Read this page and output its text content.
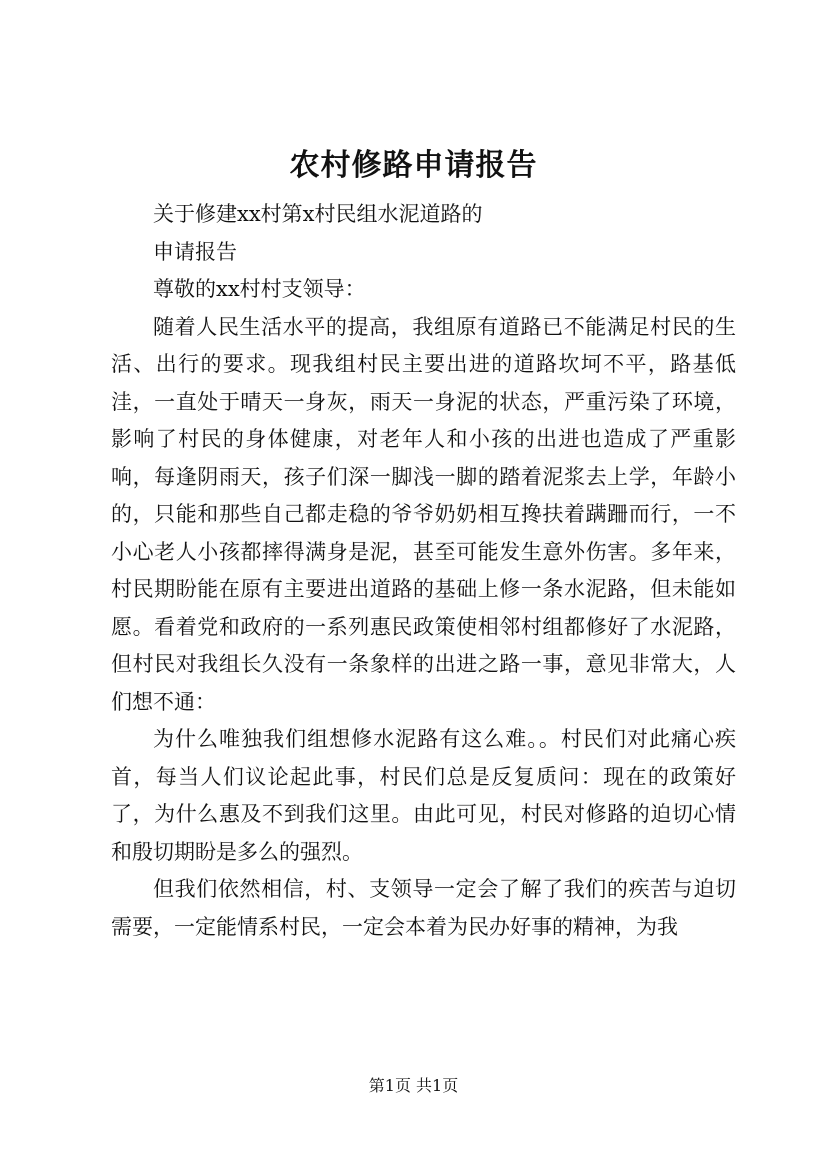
农村修路申请报告

关于修建xx村第x村民组水泥道路的

申请报告

尊敬的xx村村支领导：

随着人民生活水平的提高，我组原有道路已不能满足村民的生活、出行的要求。现我组村民主要出进的道路坎坷不平，路基低洼，一直处于晴天一身灰，雨天一身泥的状态，严重污染了环境，影响了村民的身体健康，对老年人和小孩的出进也造成了严重影响，每逢阴雨天，孩子们深一脚浅一脚的踏着泥浆去上学，年龄小的，只能和那些自己都走稳的爷爷奶奶相互搀扶着蹒跚而行，一不小心老人小孩都摔得满身是泥，甚至可能发生意外伤害。多年来，村民期盼能在原有主要进出道路的基础上修一条水泥路，但未能如愿。看着党和政府的一系列惠民政策使相邻村组都修好了水泥路，但村民对我组长久没有一条象样的出进之路一事，意见非常大，人们想不通：

为什么唯独我们组想修水泥路有这么难。。村民们对此痛心疾首，每当人们议论起此事，村民们总是反复质问：现在的政策好了，为什么惠及不到我们这里。由此可见，村民对修路的迫切心情和殷切期盼是多么的强烈。

但我们依然相信，村、支领导一定会了解了我们的疾苦与迫切需要，一定能情系村民，一定会本着为民办好事的精神，为我

第1页 共1页
